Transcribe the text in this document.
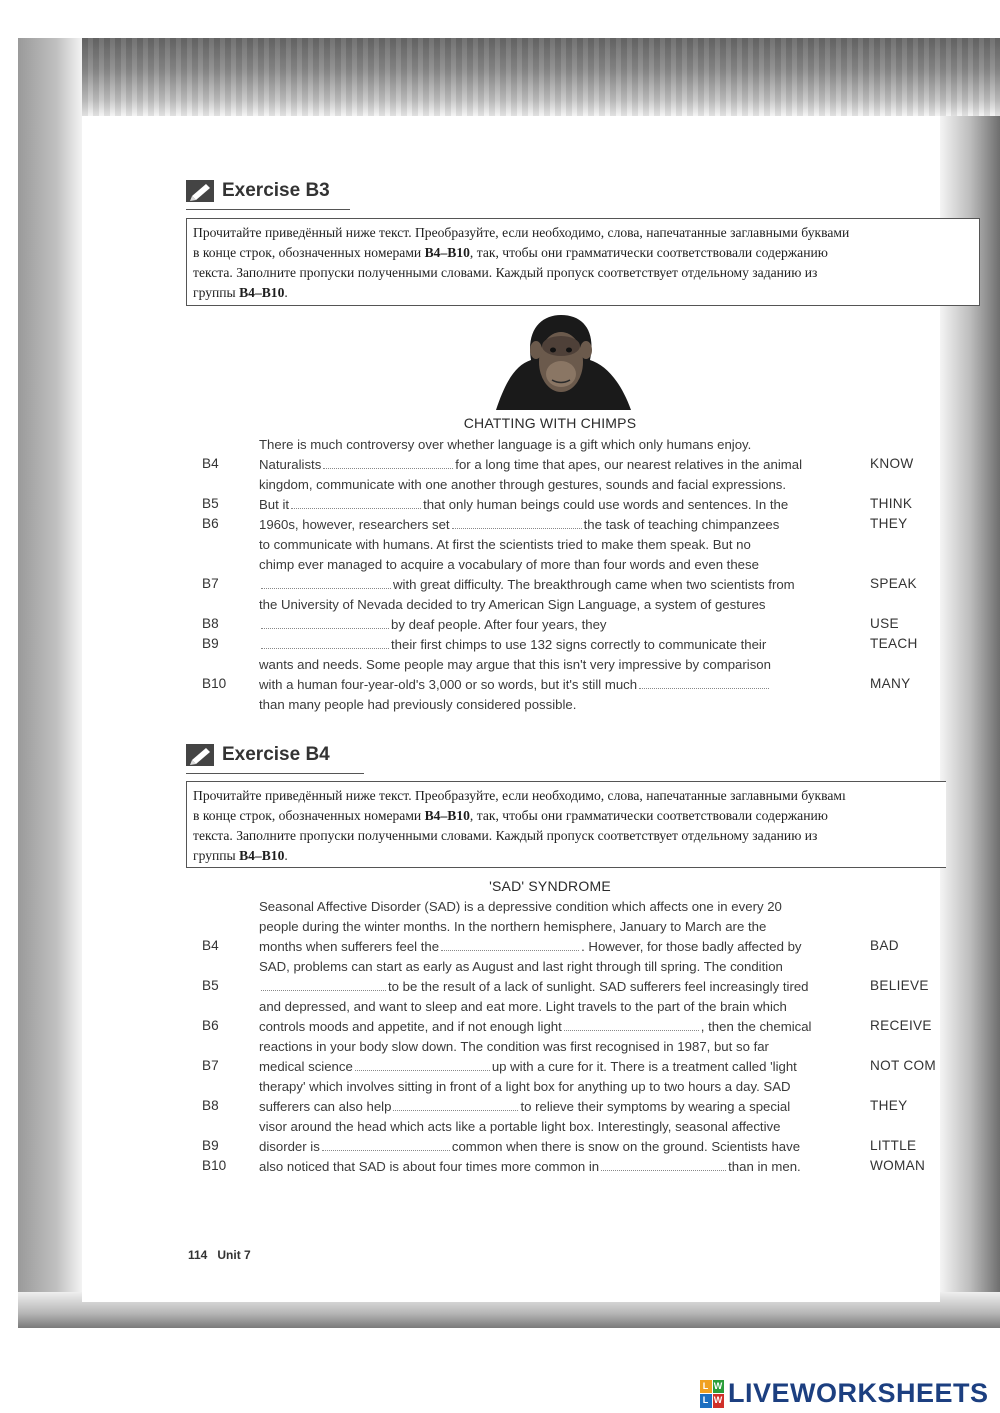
Exercise B3
Прочитайте приведённый ниже текст. Преобразуйте, если необходимо, слова, напечатанные заглавными буквами
в конце строк, обозначенных номерами B4–B10, так, чтобы они грамматически соответствовали содержанию
текста. Заполните пропуски полученными словами. Каждый пропуск соответствует отдельному заданию из
группы B4–B10.
CHATTING WITH CHIMPS
There is much controversy over whether language is a gift which only humans enjoy.
B4	Naturalists	for a long time that apes, our nearest relatives in the animal	KNOW
kingdom, communicate with one another through gestures, sounds and facial expressions.
B5	But it	that only human beings could use words and sentences. In the	THINK
B6	1960s, however, researchers set	the task of teaching chimpanzees	THEY
to communicate with humans. At first the scientists tried to make them speak. But no
chimp ever managed to acquire a vocabulary of more than four words and even these
B7	with great difficulty. The breakthrough came when two scientists from	SPEAK
the University of Nevada decided to try American Sign Language, a system of gestures
B8	by deaf people. After four years, they	USE
B9	their first chimps to use 132 signs correctly to communicate their	TEACH
wants and needs. Some people may argue that this isn't very impressive by comparison
B10 with a human four-year-old's 3,000 or so words, but it's still much	MANY
than many people had previously considered possible.
Exercise B4
Прочитайте приведённый ниже текст. Преобразуйте, если необходимо, слова, напечатанные заглавными буквамı
в конце строк, обозначенных номерами B4–B10, так, чтобы они грамматически соответствовали содержанию
текста. Заполните пропуски полученными словами. Каждый пропуск соответствует отдельному заданию из
группы B4–B10.
'SAD' SYNDROME
Seasonal Affective Disorder (SAD) is a depressive condition which affects one in every 20
people during the winter months. In the northern hemisphere, January to March are the
B4	months when sufferers feel the	. However, for those badly affected by	BAD
SAD, problems can start as early as August and last right through till spring. The condition
B5	to be the result of a lack of sunlight. SAD sufferers feel increasingly tired	BELIEVE
and depressed, and want to sleep and eat more. Light travels to the part of the brain which
B6	controls moods and appetite, and if not enough light	, then the chemical	RECEIVE
reactions in your body slow down. The condition was first recognised in 1987, but so far
B7	medical science	up with a cure for it. There is a treatment called 'light	NOT COM
therapy' which involves sitting in front of a light box for anything up to two hours a day. SAD
B8	sufferers can also help	to relieve their symptoms by wearing a special	THEY
visor around the head which acts like a portable light box. Interestingly, seasonal affective
B9	disorder is	common when there is snow on the ground. Scientists have	LITTLE
B10 also noticed that SAD is about four times more common in	than in men.	WOMAN
114 Unit 7
L W
L W LIVEWORKSHEETS
